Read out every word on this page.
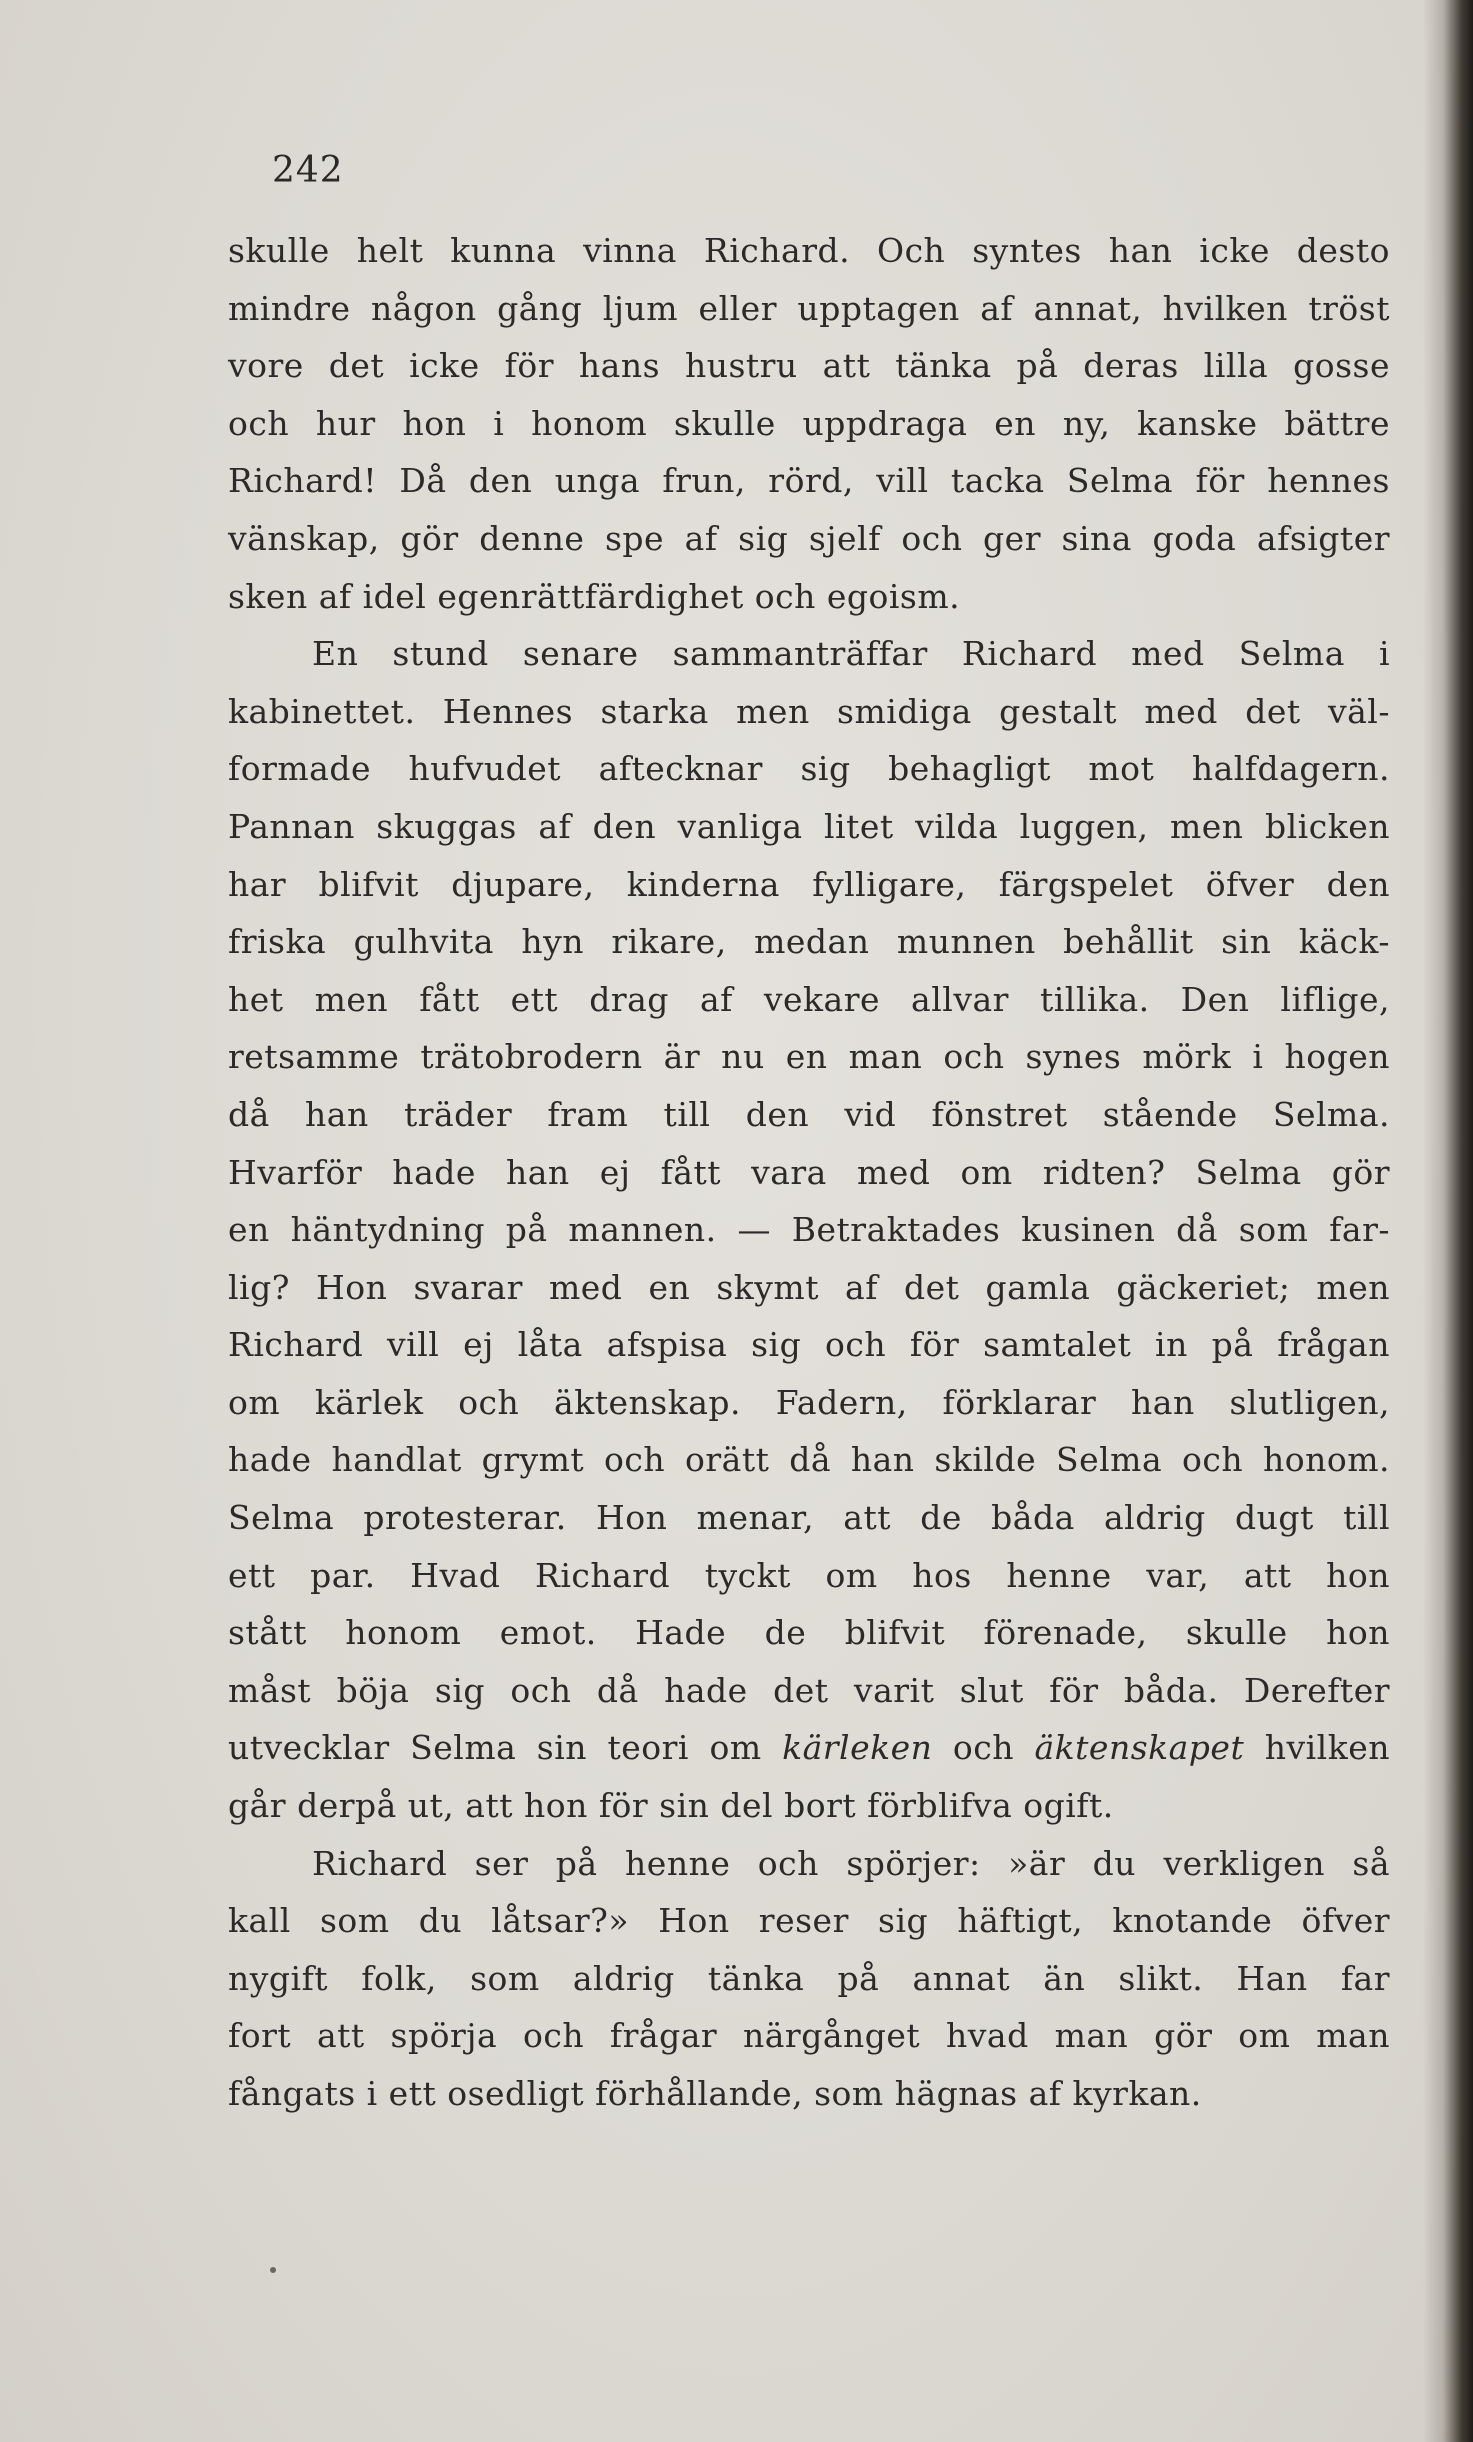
242
skulle helt kunna vinna Richard. Och syntes han icke desto
mindre någon gång ljum eller upptagen af annat, hvilken tröst
vore det icke för hans hustru att tänka på deras lilla gosse
och hur hon i honom skulle uppdraga en ny, kanske bättre
Richard! Då den unga frun, rörd, vill tacka Selma för hennes
vänskap, gör denne spe af sig sjelf och ger sina goda afsigter
sken af idel egenrättfärdighet och egoism.
En stund senare sammanträffar Richard med Selma i
kabinettet. Hennes starka men smidiga gestalt med det väl-
formade hufvudet aftecknar sig behagligt mot halfdagern.
Pannan skuggas af den vanliga litet vilda luggen, men blicken
har blifvit djupare, kinderna fylligare, färgspelet öfver den
friska gulhvita hyn rikare, medan munnen behållit sin käck-
het men fått ett drag af vekare allvar tillika. Den liflige,
retsamme trätobrodern är nu en man och synes mörk i hogen
då han träder fram till den vid fönstret stående Selma.
Hvarför hade han ej fått vara med om ridten? Selma gör
en häntydning på mannen. — Betraktades kusinen då som far-
lig? Hon svarar med en skymt af det gamla gäckeriet; men
Richard vill ej låta afspisa sig och för samtalet in på frågan
om kärlek och äktenskap. Fadern, förklarar han slutligen,
hade handlat grymt och orätt då han skilde Selma och honom.
Selma protesterar. Hon menar, att de båda aldrig dugt till
ett par. Hvad Richard tyckt om hos henne var, att hon
stått honom emot. Hade de blifvit förenade, skulle hon
måst böja sig och då hade det varit slut för båda. Derefter
utvecklar Selma sin teori om kärleken och äktenskapet hvilken
går derpå ut, att hon för sin del bort förblifva ogift.
Richard ser på henne och spörjer: »är du verkligen så
kall som du låtsar?» Hon reser sig häftigt, knotande öfver
nygift folk, som aldrig tänka på annat än slikt. Han far
fort att spörja och frågar närgånget hvad man gör om man
fångats i ett osedligt förhållande, som hägnas af kyrkan.
